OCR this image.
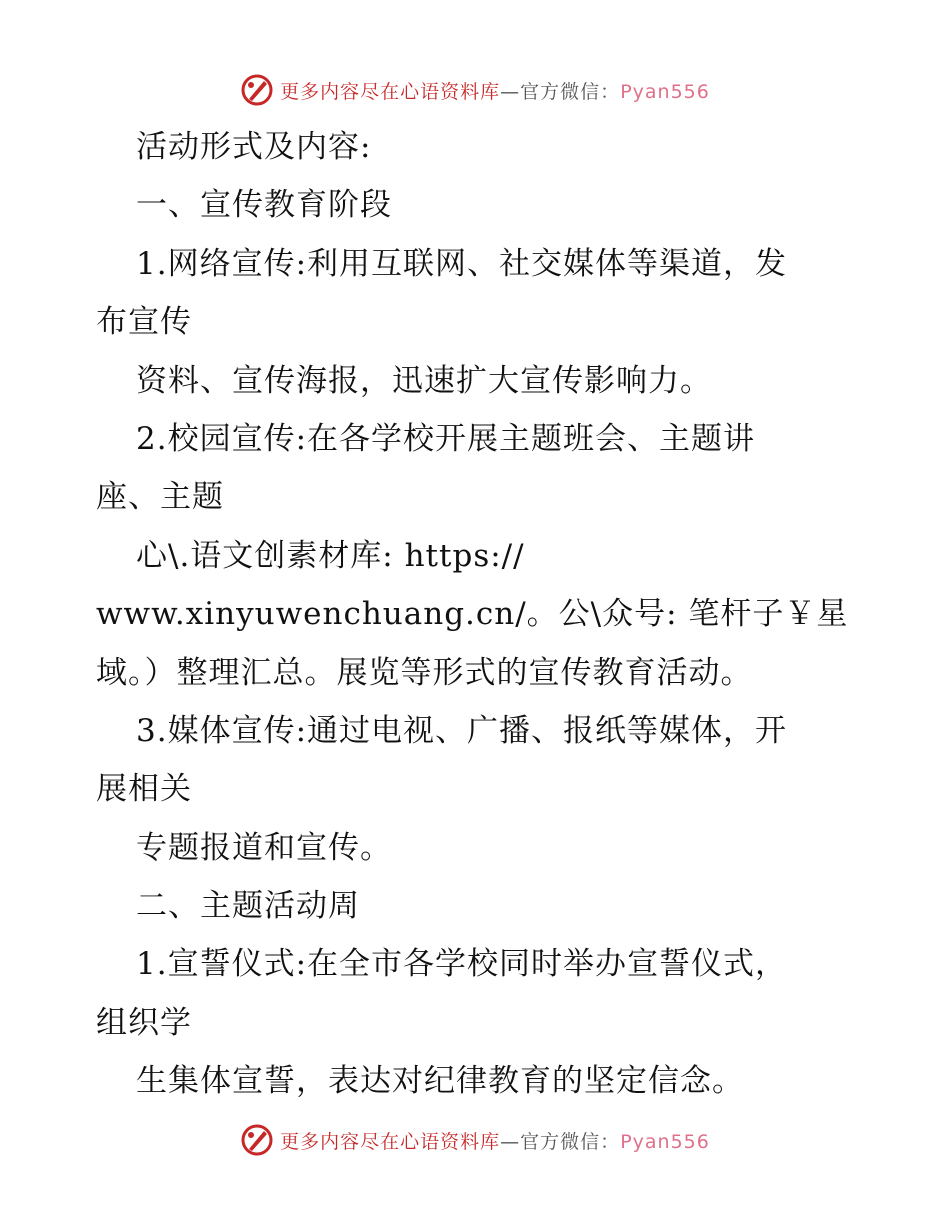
更多内容尽在心语资料库—官方微信：Pyan556
活动形式及内容:
一、宣传教育阶段
1.网络宣传:利用互联网、社交媒体等渠道，发
布宣传
资料、宣传海报，迅速扩大宣传影响力。
2.校园宣传:在各学校开展主题班会、主题讲
座、主题
心\.语文创素材库: https://
www.xinyuwenchuang.cn/。公\众号: 笔杆子￥星
域。）整理汇总。展览等形式的宣传教育活动。
3.媒体宣传:通过电视、广播、报纸等媒体，开
展相关
专题报道和宣传。
二、主题活动周
1.宣誓仪式:在全市各学校同时举办宣誓仪式，
组织学
生集体宣誓，表达对纪律教育的坚定信念。
更多内容尽在心语资料库—官方微信：Pyan556
